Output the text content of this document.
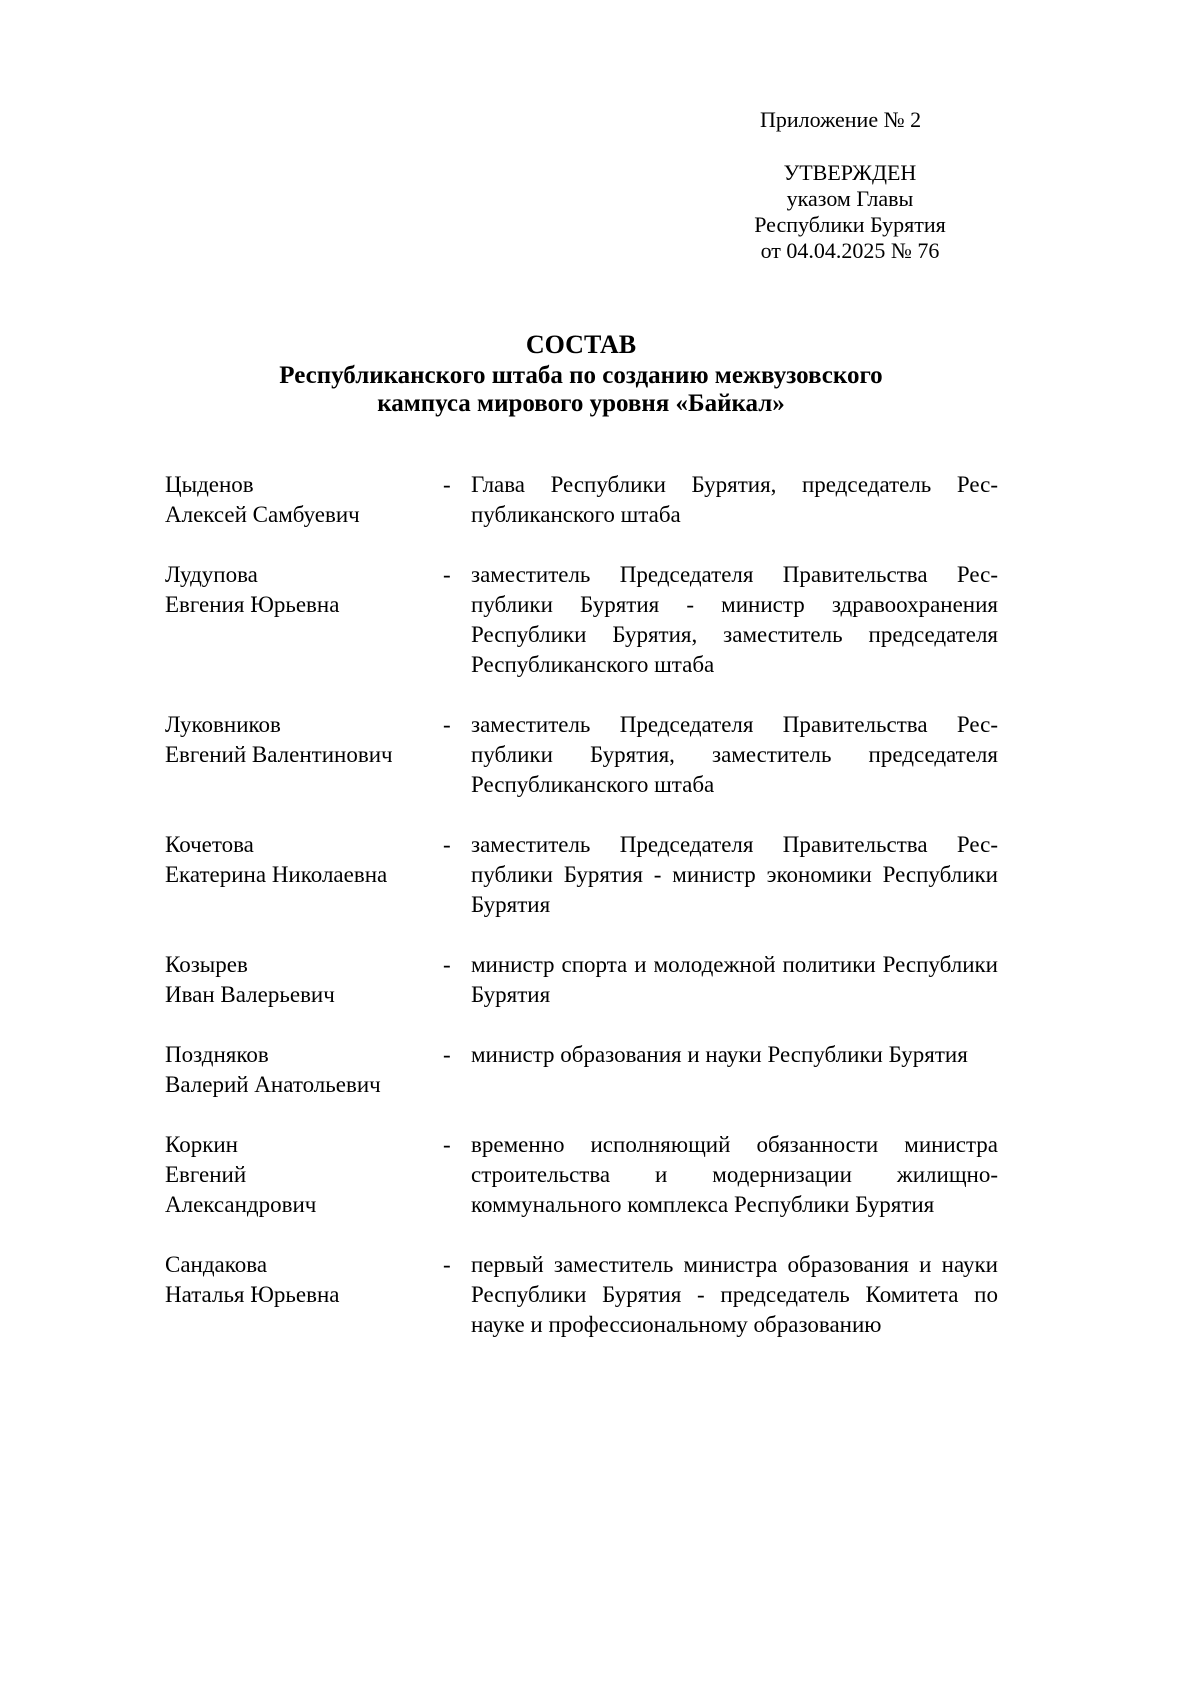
Приложение № 2
УТВЕРЖДЕН
указом Главы
Республики Бурятия
от 04.04.2025 № 76
СОСТАВ
Республиканского штаба по созданию межвузовского
кампуса мирового уровня «Байкал»
Цыденов
Алексей Самбуевич
- Глава Республики Бурятия, председатель Республиканского штаба
Лудупова
Евгения Юрьевна
- заместитель Председателя Правительства Республики Бурятия - министр здравоохранения Республики Бурятия, заместитель председателя Республиканского штаба
Луковников
Евгений Валентинович
- заместитель Председателя Правительства Республики Бурятия, заместитель председателя Республиканского штаба
Кочетова
Екатерина Николаевна
- заместитель Председателя Правительства Республики Бурятия - министр экономики Республики Бурятия
Козырев
Иван Валерьевич
- министр спорта и молодежной политики Республики Бурятия
Поздняков
Валерий Анатольевич
- министр образования и науки Республики Бурятия
Коркин
Евгений
Александрович
- временно исполняющий обязанности министра строительства и модернизации жилищно-коммунального комплекса Республики Бурятия
Сандакова
Наталья Юрьевна
- первый заместитель министра образования и науки Республики Бурятия - председатель Комитета по науке и профессиональному образованию
